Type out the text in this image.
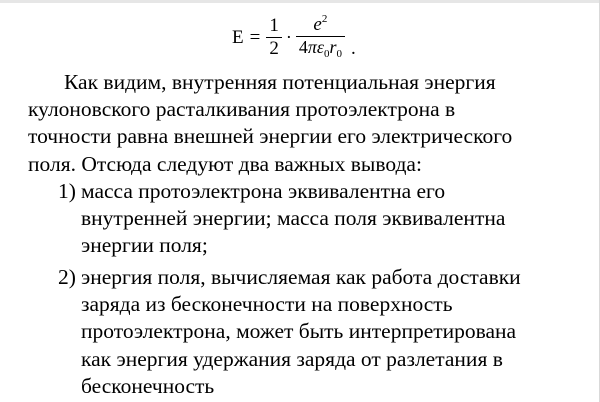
$E = \frac{1}{2} \cdot \frac{e^2}{4\pi\varepsilon_0r_0}$ .
Как видим, внутренняя потенциальная энергия
кулоновского расталкивания протоэлектрона в
точности равна внешней энергии его электрического
поля. Отсюда следуют два важных вывода:
1) масса протоэлектрона эквивалентна его
внутренней энергии; масса поля эквивалентна
энергии поля;
2) энергия поля, вычисляемая как работа доставки
заряда из бесконечности на поверхность
протоэлектрона, может быть интерпретирована
как энергия удержания заряда от разлетания в
бесконечность
